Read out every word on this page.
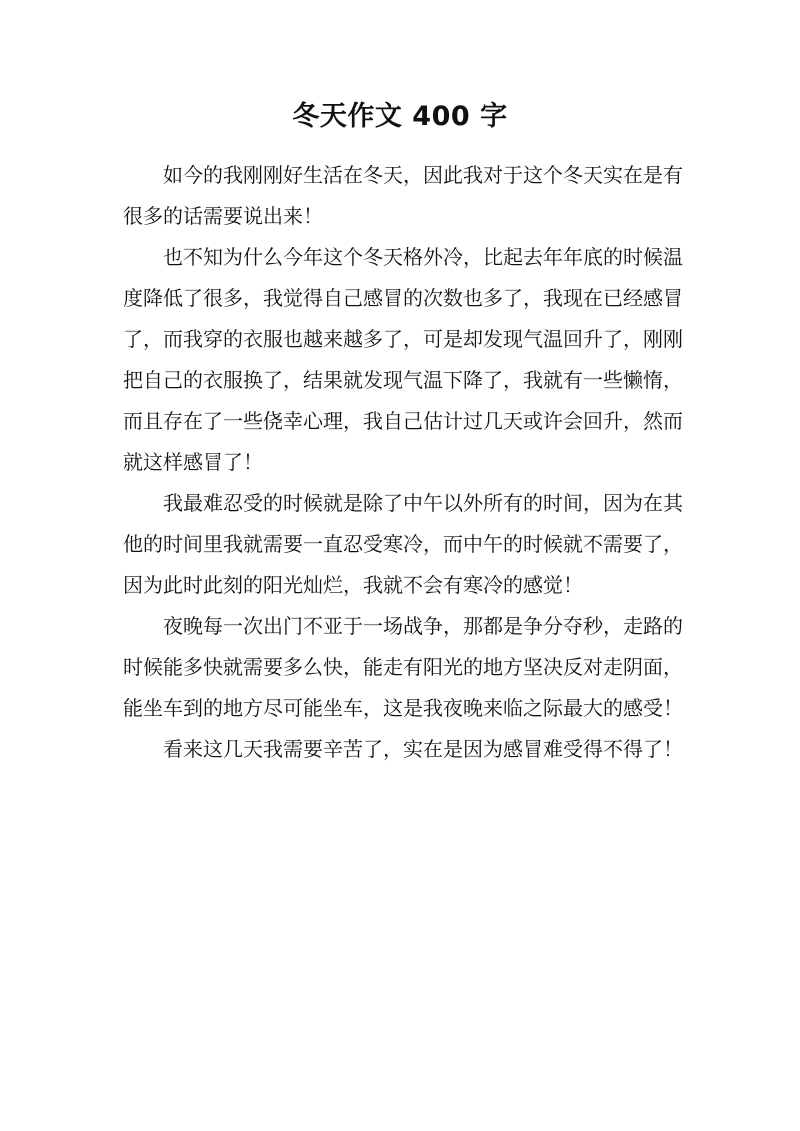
冬天作文 400 字

如今的我刚刚好生活在冬天，因此我对于这个冬天实在是有很多的话需要说出来！

也不知为什么今年这个冬天格外冷，比起去年年底的时候温度降低了很多，我觉得自己感冒的次数也多了，我现在已经感冒了，而我穿的衣服也越来越多了，可是却发现气温回升了，刚刚把自己的衣服换了，结果就发现气温下降了，我就有一些懒惰，而且存在了一些侥幸心理，我自己估计过几天或许会回升，然而就这样感冒了！

我最难忍受的时候就是除了中午以外所有的时间，因为在其他的时间里我就需要一直忍受寒冷，而中午的时候就不需要了，因为此时此刻的阳光灿烂，我就不会有寒冷的感觉！

夜晚每一次出门不亚于一场战争，那都是争分夺秒，走路的时候能多快就需要多么快，能走有阳光的地方坚决反对走阴面，能坐车到的地方尽可能坐车，这是我夜晚来临之际最大的感受！

看来这几天我需要辛苦了，实在是因为感冒难受得不得了！
